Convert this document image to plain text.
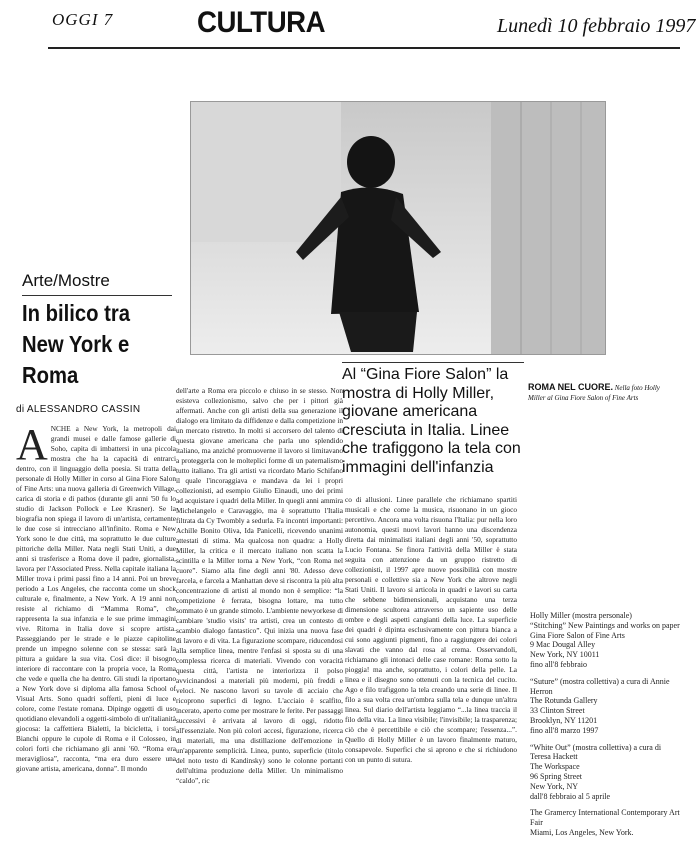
OGGI 7	CULTURA	Lunedì 10 febbraio 1997
Arte/Mostre
In bilico tra New York e Roma
di ALESSANDRO CASSIN
ANCHE a New York, la metropoli dai grandi musei e dalle famose gallerie di Soho, capita di imbattersi in una piccola mostra che ha la capacità di entrarci dentro, con il linguaggio della poesia. Si tratta della personale di Holly Miller in corso al Gina Fiore Salon of Fine Arts: una nuova galleria di Greenwich Village, carica di storia e di pathos (durante gli anni '50 fu lo studio di Jackson Pollock e Lee Krasner). Se la biografia non spiega il lavoro di un'artista, certamente le due cose si intrecciano all'infinito. Roma e New York sono le due città, ma soprattutto le due culture pittoriche della Miller. Nata negli Stati Uniti, a due anni si trasferisce a Roma dove il padre, giornalista, lavora per l'Associated Press. Nella capitale italiana la Miller trova i primi passi fino a 14 anni. Poi un breve periodo a Los Angeles, che racconta come un shock culturale e, finalmente, a New York. A 19 anni non resiste al richiamo di “Mamma Roma”, che rappresenta la sua infanzia e le sue prime immagini vive. Ritorna in Italia dove si scopre artista. Passeggiando per le strade e le piazze capitoline prende un impegno solenne con se stessa: sarà la pittura a guidare la sua vita. Così dice: il bisogno interiore di raccontare con la propria voce, la Roma che vede e quella che ha dentro. Gli studi la riportano a New York dove si diploma alla famosa School of Visual Arts. Sono quadri sofferti, pieni di luce e colore, come l'estate romana. Dipinge oggetti di uso quotidiano elevandoli a oggetti-simbolo di un'italianità giocosa: la caffettiera Bialetti, la bicicletta, i torsi Bianchi oppure le cupole di Roma e il Colosseo, in colori forti che richiamano gli anni '60. “Roma era meravigliosa”, racconta, “ma era duro essere una giovane artista, americana, donna”. Il mondo
dell'arte a Roma era piccolo e chiuso in se stesso. Non esisteva collezionismo, salvo che per i pittori già affermati. Anche con gli artisti della sua generazione il dialogo era limitato da diffidenze e dalla competizione in un mercato ristretto. In molti si accorsero del talento di questa giovane americana che parla uno splendido italiano, ma anziché promuoverne il lavoro si limitavano a proteggerla con le molteplici forme di un paternalismo tutto italiano. Tra gli artisti va ricordato Mario Schifano il quale l'incoraggiava e mandava da lei i propri collezionisti, ad esempio Giulio Einaudi, uno dei primi ad acquistare i quadri della Miller. In quegli anni ammira Michelangelo e Caravaggio, ma è soprattutto l'Italia filtrata da Cy Twombly a sedurla. Fa incontri importanti: Achille Bonito Oliva, Ida Panicelli, ricevendo unanimi attestati di stima. Ma qualcosa non quadra: a Holly Miller, la critica e il mercato italiano non scatta la scintilla e la Miller torna a New York, “con Roma nel cuore”. Siamo alla fine degli anni '80. Adesso deve farcela, e farcela a Manhattan deve si riscontra la più alta concentrazione di artisti al mondo non è semplice: “la competizione è ferrata, bisogna lottare, ma tutto sommato è un grande stimolo. L'ambiente newyorkese di cambiare 'studio visits' tra artisti, crea un contesto di scambio dialogo fantastico”. Qui inizia una nuova fase di lavoro e di vita. La figurazione scompare, riducendosi alla semplice linea, mentre l'enfasi si sposta su di una complessa ricerca di materiali. Vivendo con voracità questa città, l'artista ne interiorizza il polso avvicinandosi a materiali più moderni, più freddi e veloci. Ne nascono lavori su tavole di acciaio che ricoprono superfici di legno. L'acciaio è scalfito, incerato, aperto come per mostrare le ferite. Per passaggi successivi è arrivata al lavoro di oggi, ridotto all'essenziale. Non più colori accesi, figurazione, ricerca di materiali, ma una distillazione dell'emozione in un'apparente semplicità. Linea, punto, superficie (titolo del noto testo di Kandinsky) sono le colonne portanti dell'ultima produzione della Miller. Un minimalismo “caldo”, ric
Al “Gina Fiore Salon” la mostra di Holly Miller, giovane americana cresciuta in Italia. Linee che trafiggono la tela con immagini dell'infanzia
co di allusioni. Linee parallele che richiamano spartiti musicali e che come la musica, risuonano in un gioco percettivo. Ancora una volta risuona l'Italia: pur nella loro autonomia, questi nuovi lavori hanno una discendenza diretta dai minimalisti italiani degli anni '50, soprattutto Lucio Fontana. Se finora l'attività della Miller è stata seguita con attenzione da un gruppo ristretto di collezionisti, il 1997 apre nuove possibilità con mostre personali e collettive sia a New York che altrove negli Stati Uniti. Il lavoro si articola in quadri e lavori su carta che sebbene bidimensionali, acquistano una terza dimensione scultorea attraverso un sapiente uso delle ombre e degli aspetti cangianti della luce. La superficie dei quadri è dipinta esclusivamente con pittura bianca a cui sono aggiunti pigmenti, fino a raggiungere dei colori slavati che vanno dal rosa al crema. Osservandoli, richiamano gli intonaci delle case romane: Roma sotto la pioggia! ma anche, soprattutto, i colori della pelle. La linea e il disegno sono ottenuti con la tecnica del cucito. Ago e filo trafiggono la tela creando una serie di linee. Il filo a sua volta crea un'ombra sulla tela e dunque un'altra linea. Sul diario dell'artista leggiamo “...la linea traccia il filo della vita. La linea visibile; l'invisibile; la trasparenza; ciò che è percettibile e ciò che scompare; l'essenza...”. Quello di Holly Miller è un lavoro finalmente maturo, consapevole. Superfici che si aprono e che si richiudono con un punto di sutura.
ROMA NEL CUORE. Nella foto Holly Miller al Gina Fiore Salon of Fine Arts
Holly Miller (mostra personale)
“Stitching” New Paintings and works on paper
Gina Fiore Salon of Fine Arts
9 Mac Dougal Alley
New York, NY 10011
fino all'8 febbraio
“Suture” (mostra collettiva) a cura di Annie Herron
The Rotunda Gallery
33 Clinton Street
Brooklyn, NY 11201
fino all'8 marzo 1997
“White Out” (mostra collettiva) a cura di Teresa Hackett
The Workspace
96 Spring Street
New York, NY
dall'8 febbraio al 5 aprile
The Gramercy International Contemporary Art Fair
Miami, Los Angeles, New York.
